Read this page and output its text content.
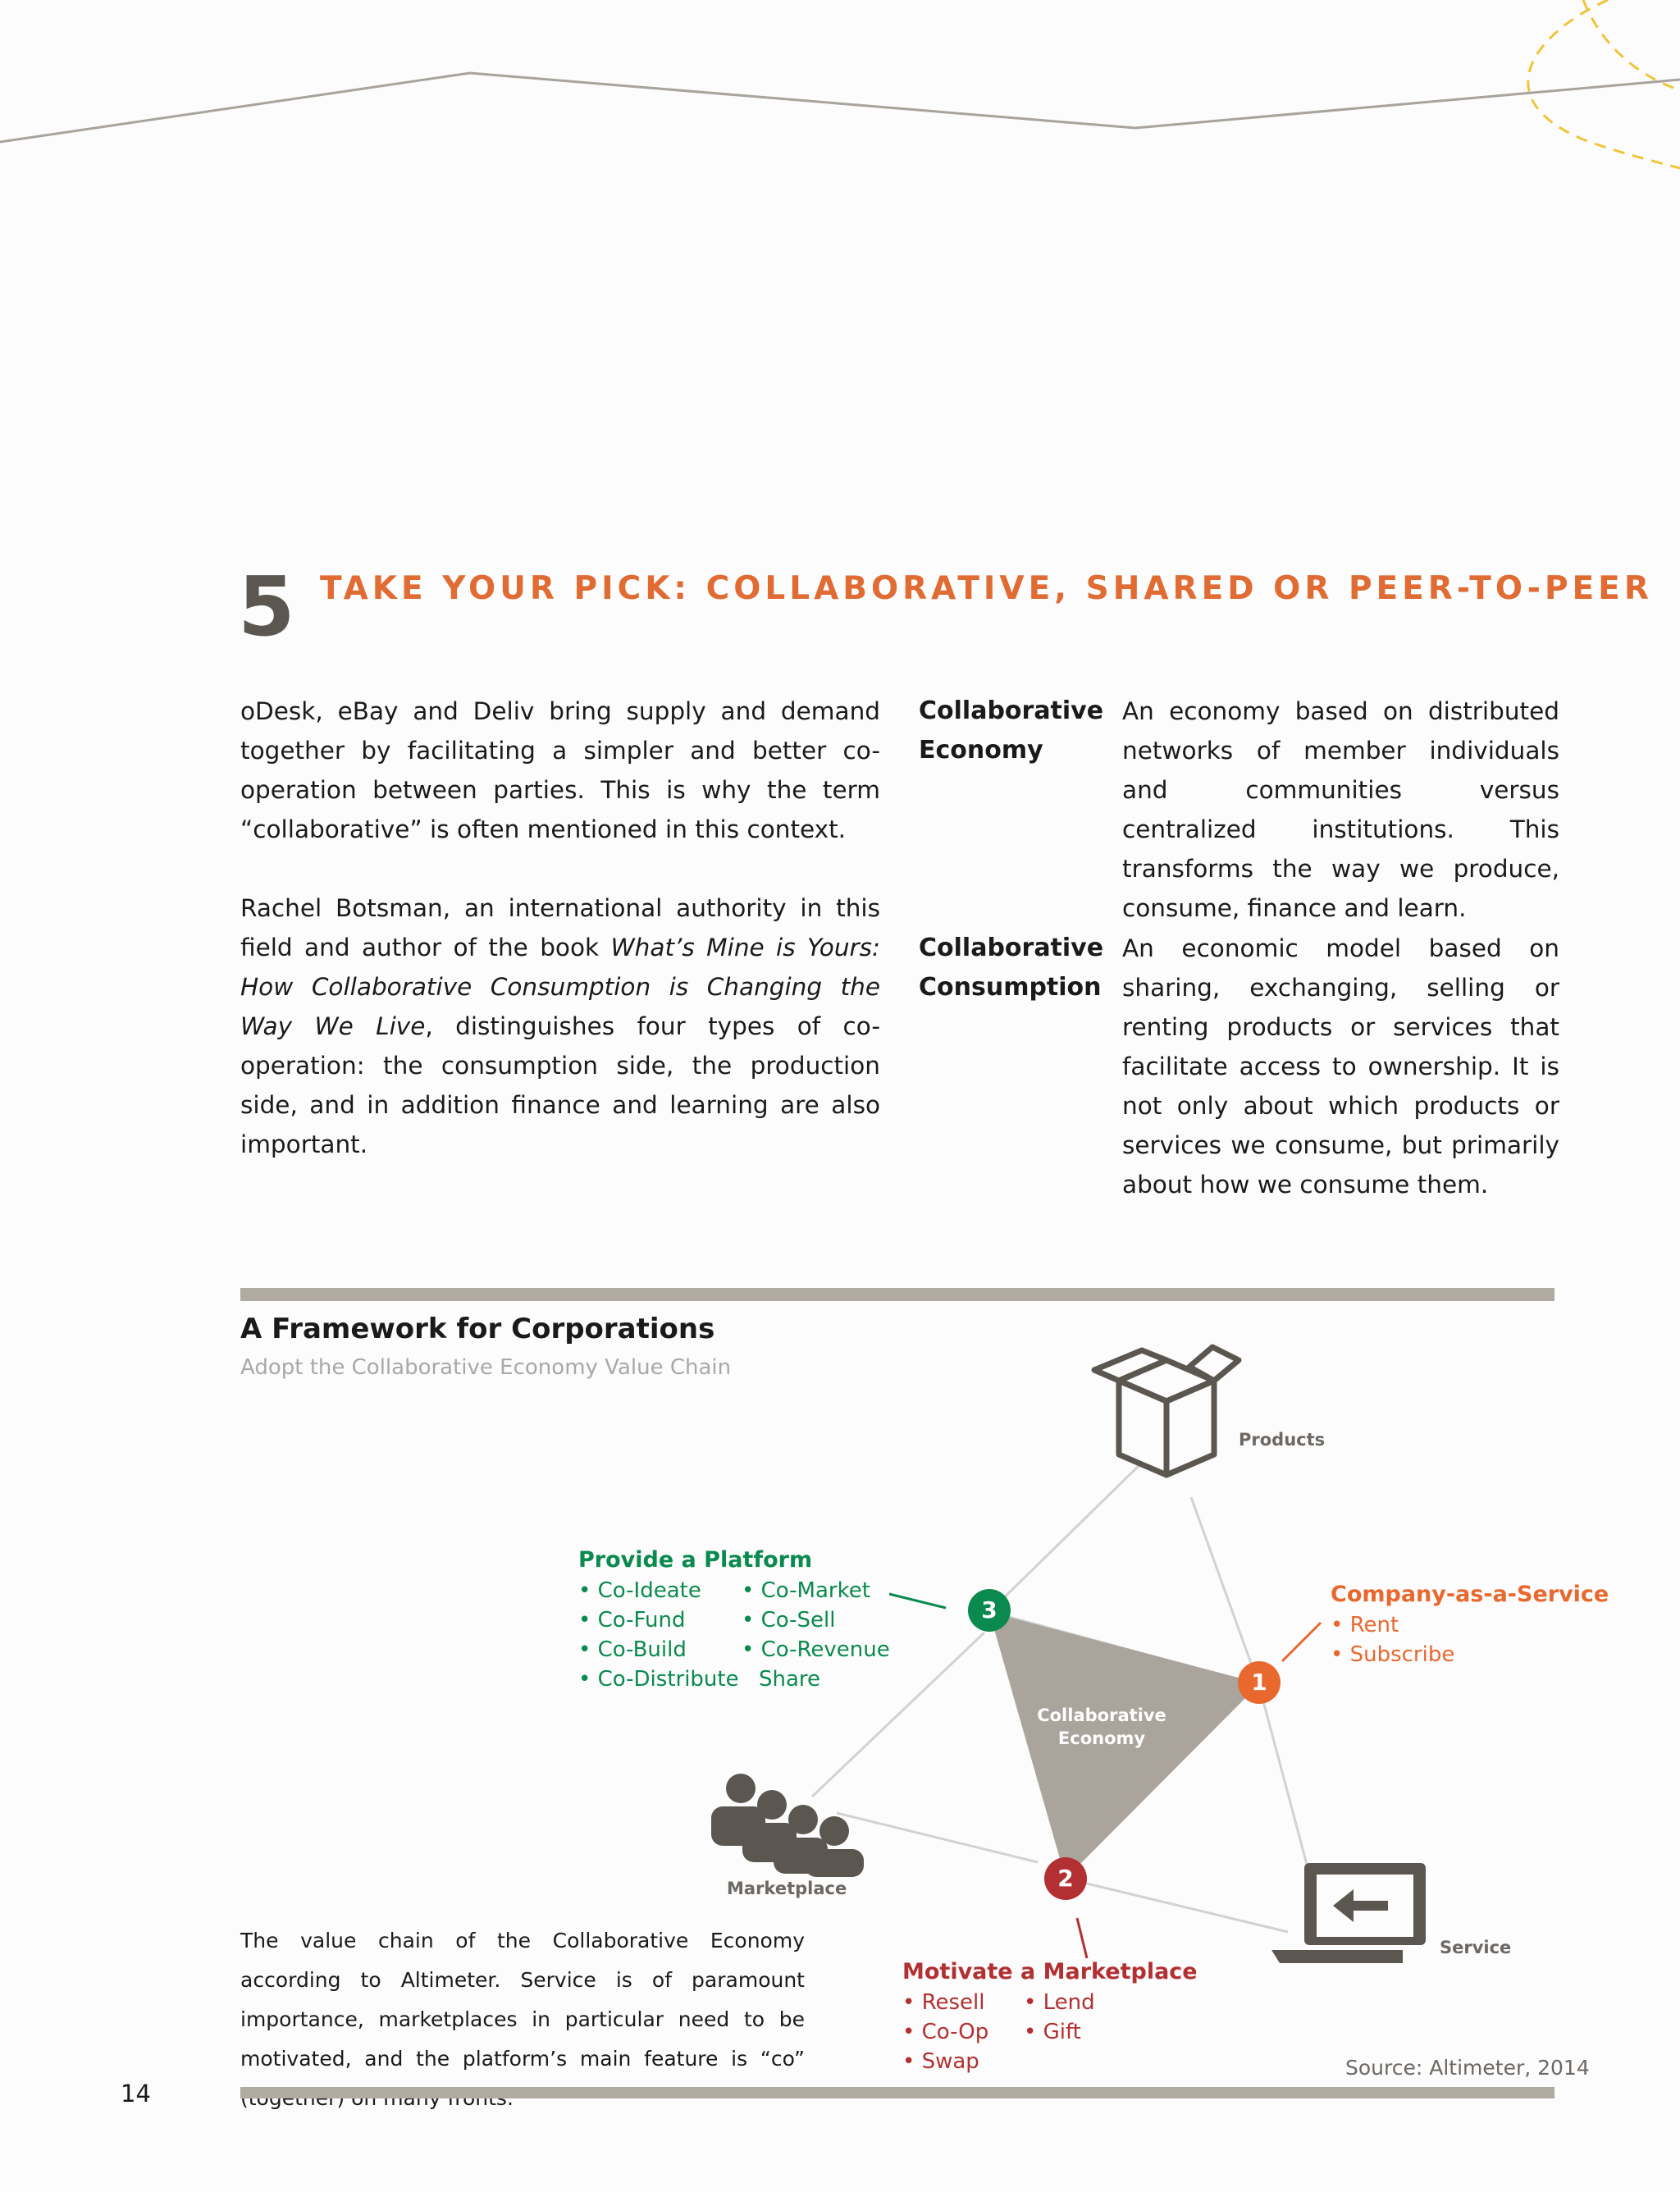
5 TAKE YOUR PICK: COLLABORATIVE, SHARED OR PEER-TO-PEER

oDesk, eBay and Deliv bring supply and demand together by facilitating a simpler and better co-operation between parties. This is why the term “collaborative” is often mentioned in this context.

Rachel Botsman, an international authority in this field and author of the book What’s Mine is Yours: How Collaborative Consumption is Changing the Way We Live, distinguishes four types of co-operation: the consumption side, the production side, and in addition finance and learning are also important.

Collaborative Economy
An economy based on distributed networks of member individuals and communities versus centralized institutions. This transforms the way we produce, consume, finance and learn.
Collaborative Consumption
An economic model based on sharing, exchanging, selling or renting products or services that facilitate access to ownership. It is not only about which products or services we consume, but primarily about how we consume them.
A Framework for Corporations
Adopt the Collaborative Economy Value Chain
Products
Marketplace
Service
Collaborative
Economy
3
1
2
Provide a Platform
• Co-Ideate
• Co-Fund
• Co-Build
• Co-Distribute
• Co-Market
• Co-Sell
• Co-Revenue
Share
Company-as-a-Service
• Rent
• Subscribe
Motivate a Marketplace
• Resell
• Co-Op
• Swap
• Lend
• Gift
The value chain of the Collaborative Economy according to Altimeter. Service is of paramount importance, marketplaces in particular need to be motivated, and the platform’s main feature is “co”	Source: Altimeter, 2014
14
